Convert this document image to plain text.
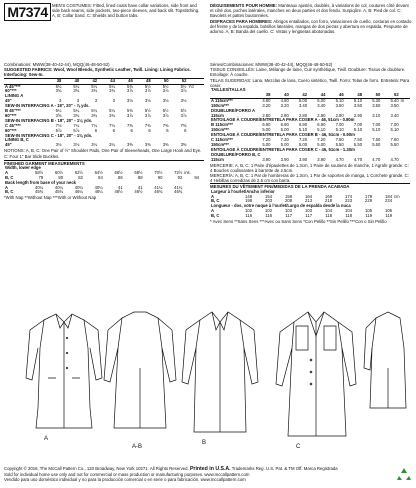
M7374	MEN'S COSTUMES: Fitted, lined coats have collar variations, side front and side back seams, side pockets, two-piece sleeves, and back slit. Topstitching. A, B: Collar band. C: Shields and button tabs.

DÉGUISEMENTS POUR HOMME: Manteaux ajustés, doublés, à variations de col, coutures côté devant et côté dos, poches latérales, manches en deux parties et dos fendu. Surpiqûre. A, B: Pied de col. C: Bavolets et pattes boutonnées.

DISFRACES PARA HOMBRES: Abrigos entallados, con forro, variaciones de cuello, costuras en costado del frente y de la espalda, bolsillos laterales, mangas de dos piezas y abertura en espalda. Pespunte de adorno. A, B: Banda del cuello. C: Vistas y lengüetas abotonadas.

Combinations: MWW(38-40-42-44), MQQ(46-48-50-52)

SUGGESTED FABRICS: Wool, Wool Blends, Synthetic Leather, Twill. Lining: Lining Fabrics. Interfacing: Sew-In.

	38	40	42	44	46	48	50	52	
A 45"***	5¼	5¼	5¼	5¼	5⅜	5½	5½	5½	Yd
60"***	3¾	3¾	3¾	3¾	3⅞	3⅞	3⅞	3⅞	
LINING A									
45"	3	3	3	3	3⅛	3⅛	3⅛	3⅛	
SEW-IN INTERFACING A - 18", 20" - ⅞ yds.									
B 45"***	5¼	5¼	5¼	5¼	5⅜	5½	5½	5½	
60"***	3⅝	3¾	3¾	3¾	3⅞	3⅞	3⅞	3⅞	
SEW-IN INTERFACING B - 18", 20" - 1⅛ yds.									
C 45"***	7⅛	7¼	7¼	7¼	7⅜	7⅜	7⅜	7⅜	
60"***	5⅞	5⅞	6	6	6	6	6	6	
SEW-IN INTERFACING C - 18", 20" - 1⅜ yds.									
LINING B, C									
45"	3⅛	3⅛	3¼	3¼	3⅜	3⅜	3⅜	3⅜	

NOTIONS: A, B, C: One Pair of ½" Shoulder Pads, One Pair of Sleeveheads, One Large Hook and Eye. C: Four 1" Bar Slide Buckles.

FINISHED GARMENT MEASUREMENTS

Width, lower edge										
A	58½	60½	62½	64½	66½	68½	70½	72½	ins.	
B, C	78	80	82	84	86	88	90	92	94	
Back length from base of your neck										
A	40¼	40¼	40¼	40¼	41	41	41¼	41¼		
B, C	45¾	45¾	46¼	46¼	46½	46½	46¾	46¾		

*With Nap **Without Nap ***With or Without Nap

Séries/Combinaciones: MWW(38-40-42-44), MQQ(46-48-50-52)

TISSUS CONSEILLÉS: Laine, Mélange de laine, Cuir synthétique, Twill. Doublure: Tissus de doublure. Entoilage: À coudre.

TELAS SUGERIDAS: Lana, Mezclas de lana, Cuero sintético, Twill. Forro: Telas de forro. Entretela: Para coser.

TAILLES/TALLAS									
	38	40	42	44	46	48	50	52	
A 115cm***	4.80	4.80	5.00	5.00	5.10	5.10	5.30	5.40	m
150cm***	3.20	3.20	3.40	3.40	3.50	3.50	3.50	3.50	
DOUBLURE/FORRO A									
115cm	2.80	2.80	2.80	2.80	2.90	2.90	3.10	3.40	
ENTOILAGE À COUDRE/ENTRETELA PARA COSER A - 46, 51cm - 0.80m									
B 115cm***	6.90	6.90	6.90	6.90	7.00	7.00	7.00	7.00	
150cm***	5.00	5.00	5.10	5.10	5.10	5.10	5.10	5.10	
ENTOILAGE À COUDRE/ENTRETELA PARA COSER B - 46, 51cm - 0.90m									
C 115cm***	7.20	7.20	7.20	7.20	7.50	7.50	7.60	7.60	
150cm***	5.00	5.00	5.00	5.00	5.50	5.50	5.50	5.50	
ENTOILAGE À COUDRE/ENTRETELA PARA COSER C - 46, 51cm - 1.30m									
DOUBLURE/FORRO B, C									
115cm	3.90	3.90	3.90	3.90	4.70	4.70	4.70	4.70	

MERCERIE: A, B, C: 1 Paire d'épaulettes de 1.3cm, 1 Paire de soutiens de manche, 1 Agrafe grande. C: 4 Boucles coulissantes à barrette de 2.5cm.

MERCERÍA: A, B, C: 1 Par de hombreras de 1.3cm, 1 Par de soportes de manga, 1 Corchete grande. C: 4 Hebillas corredizas de 2.5 cm con barra.

MESURES DU VÊTEMENT FINI/MEDIDAS DE LA PRENDA ACABADA

Largeur à l'ourlet/Ancho inferior									
A	149	154	159	164	169	174	179	184	cm
B, C	198	203	208	213	218	223	229	234	
Longueur - dos, votre nuque à l'ourlet/Largo de espalda desde la nuca									
A	102	102	103	103	104	104	105	105	
B, C	116	116	117	117	118	118	119	119	

* Avec Sens **Sans Sens ***Avec ou Sans Sens *Con Pelillo **Sin Pelillo ***Con o Sin Pelillo

A
A-B
B
C

Copyright © 2016, The McCall Pattern Co., 120 Broadway, New York 10271. All Rights Reserved. Printed in U.S.A. Trademarks Reg. U.S. Pat. & TM Off. Marca Registrada

Sold for individual home use only and not for commercial or mass production or manufacturing purposes. www.mccallpattern.com

Vendido para uso doméstico individual y no para la producción comercial o en serie o para fabricación. www.mccallpattern.com
